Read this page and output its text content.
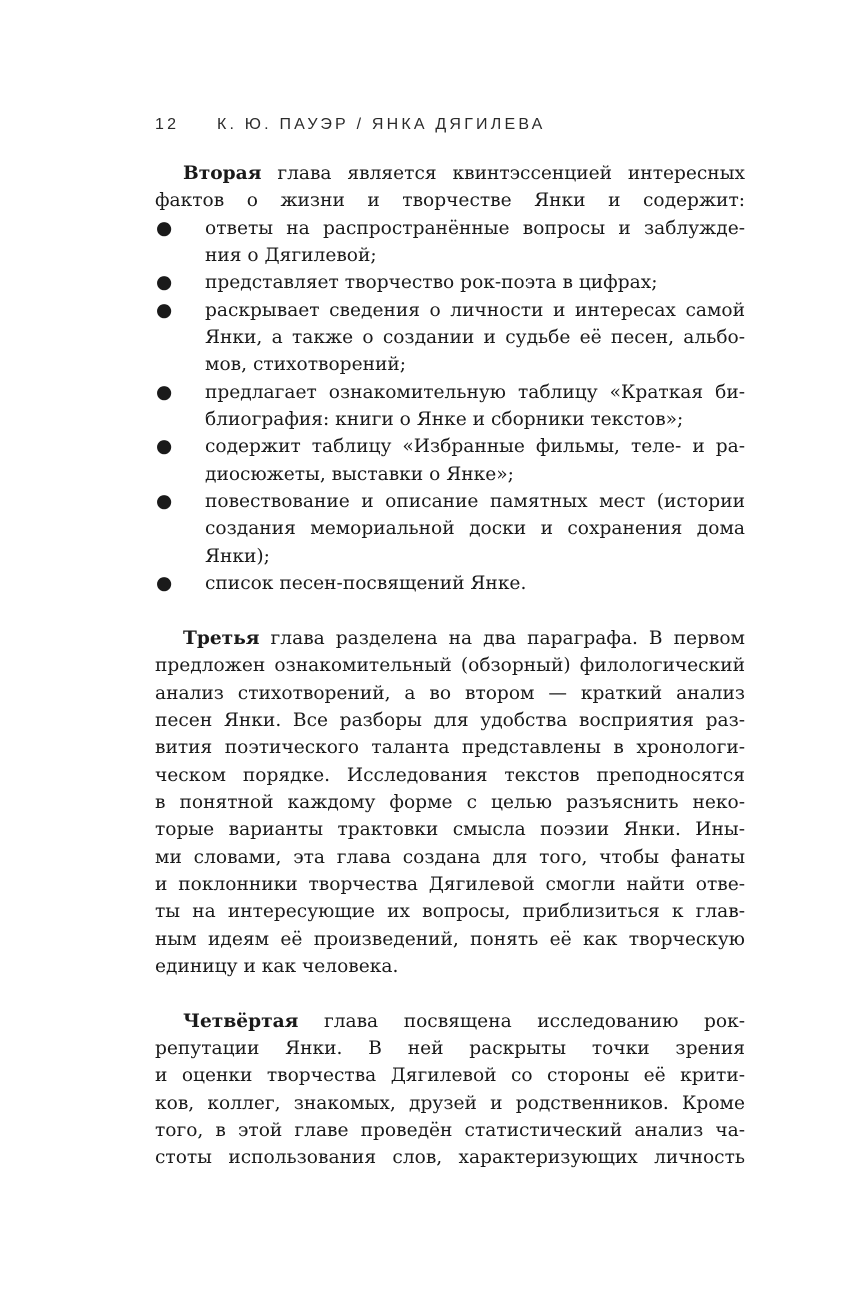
12 К. Ю. ПАУЭР / ЯНКА ДЯГИЛЕВА
Вторая глава является квинтэссенцией интересных
фактов о жизни и творчестве Янки и содержит:
●	ответы на распространённые вопросы и заблужде-
ния о Дягилевой;
●	представляет творчество рок-поэта в цифрах;
●	раскрывает сведения о личности и интересах самой
Янки, а также о создании и судьбе её песен, альбо-
мов, стихотворений;
●	предлагает ознакомительную таблицу «Краткая би-
блиография: книги о Янке и сборники текстов»;
●	содержит таблицу «Избранные фильмы, теле- и ра-
диосюжеты, выставки о Янке»;
●	повествование и описание памятных мест (истории
создания мемориальной доски и сохранения дома
Янки);
●	список песен-посвящений Янке.
Третья глава разделена на два параграфа. В первом
предложен ознакомительный (обзорный) филологический
анализ стихотворений, а во втором — краткий анализ
песен Янки. Все разборы для удобства восприятия раз-
вития поэтического таланта представлены в хронологи-
ческом порядке. Исследования текстов преподносятся
в понятной каждому форме с целью разъяснить неко-
торые варианты трактовки смысла поэзии Янки. Ины-
ми словами, эта глава создана для того, чтобы фанаты
и поклонники творчества Дягилевой смогли найти отве-
ты на интересующие их вопросы, приблизиться к глав-
ным идеям её произведений, понять её как творческую
единицу и как человека.
Четвёртая глава посвящена исследованию рок-
репутации Янки. В ней раскрыты точки зрения
и оценки творчества Дягилевой со стороны её крити-
ков, коллег, знакомых, друзей и родственников. Кроме
того, в этой главе проведён статистический анализ ча-
стоты использования слов, характеризующих личность
